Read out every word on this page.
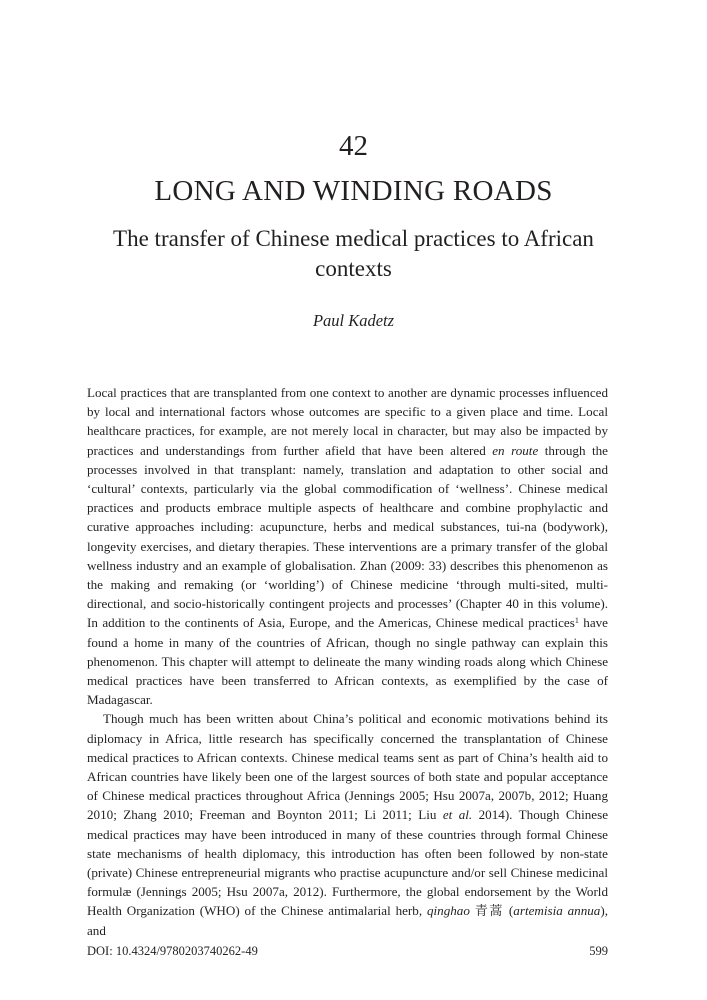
42
LONG AND WINDING ROADS
The transfer of Chinese medical practices to African contexts
Paul Kadetz

Local practices that are transplanted from one context to another are dynamic processes influenced by local and international factors whose outcomes are specific to a given place and time. Local healthcare practices, for example, are not merely local in character, but may also be impacted by practices and understandings from further afield that have been altered en route through the processes involved in that transplant: namely, translation and adaptation to other social and ‘cultural’ contexts, particularly via the global commodification of ‘wellness’. Chinese medical practices and products embrace multiple aspects of healthcare and combine prophylactic and curative approaches including: acupuncture, herbs and medical substances, tui-na (bodywork), longevity exercises, and dietary therapies. These interventions are a primary transfer of the global wellness industry and an example of globalisation. Zhan (2009: 33) describes this phenomenon as the making and remaking (or ‘worlding’) of Chinese medicine ‘through multi-sited, multi-directional, and socio-historically contingent projects and processes’ (Chapter 40 in this volume). In addition to the continents of Asia, Europe, and the Americas, Chinese medical practices$^1$ have found a home in many of the countries of African, though no single pathway can explain this phenomenon. This chapter will attempt to delineate the many winding roads along which Chinese medical practices have been transferred to African contexts, as exemplified by the case of Madagascar.

Though much has been written about China’s political and economic motivations behind its diplomacy in Africa, little research has specifically concerned the transplantation of Chinese medical practices to African contexts. Chinese medical teams sent as part of China’s health aid to African countries have likely been one of the largest sources of both state and popular acceptance of Chinese medical practices throughout Africa (Jennings 2005; Hsu 2007a, 2007b, 2012; Huang 2010; Zhang 2010; Freeman and Boynton 2011; Li 2011; Liu et al. 2014). Though Chinese medical practices may have been introduced in many of these countries through formal Chinese state mechanisms of health diplomacy, this introduction has often been followed by non-state (private) Chinese entrepreneurial migrants who practise acupuncture and/or sell Chinese medicinal formulæ (Jennings 2005; Hsu 2007a, 2012). Furthermore, the global endorsement by the World Health Organization (WHO) of the Chinese antimalarial herb, qinghao 青蒿 (artemisia annua), and

DOI: 10.4324/9780203740262-49	599
